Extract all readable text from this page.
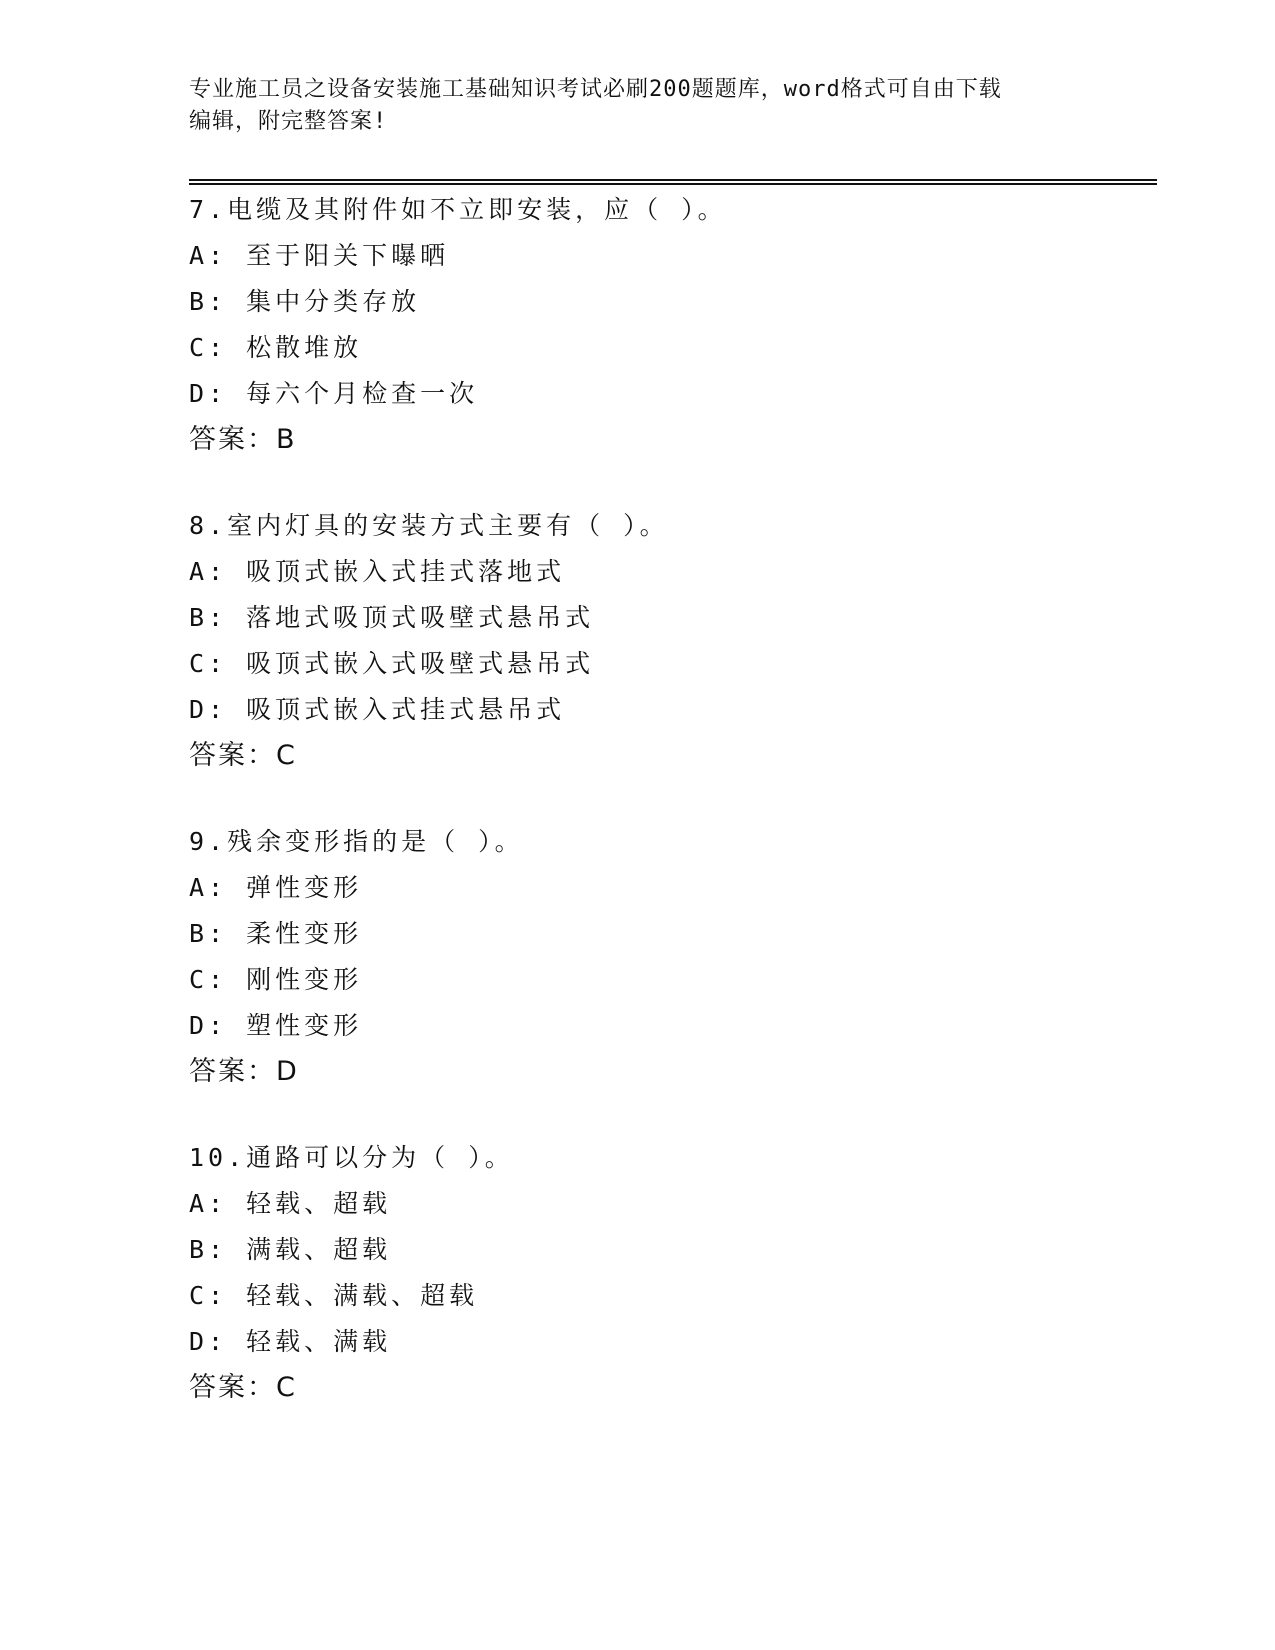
专业施工员之设备安装施工基础知识考试必刷200题题库，word格式可自由下载
编辑，附完整答案!
7.电缆及其附件如不立即安装，应（ ）。
A: 至于阳关下曝晒
B: 集中分类存放
C: 松散堆放
D: 每六个月检查一次
答案：B
8.室内灯具的安装方式主要有（ ）。
A: 吸顶式嵌入式挂式落地式
B: 落地式吸顶式吸壁式悬吊式
C: 吸顶式嵌入式吸壁式悬吊式
D: 吸顶式嵌入式挂式悬吊式
答案：C
9.残余变形指的是（ ）。
A: 弹性变形
B: 柔性变形
C: 刚性变形
D: 塑性变形
答案：D
10.通路可以分为（ ）。
A: 轻载、超载
B: 满载、超载
C: 轻载、满载、超载
D: 轻载、满载
答案：C
